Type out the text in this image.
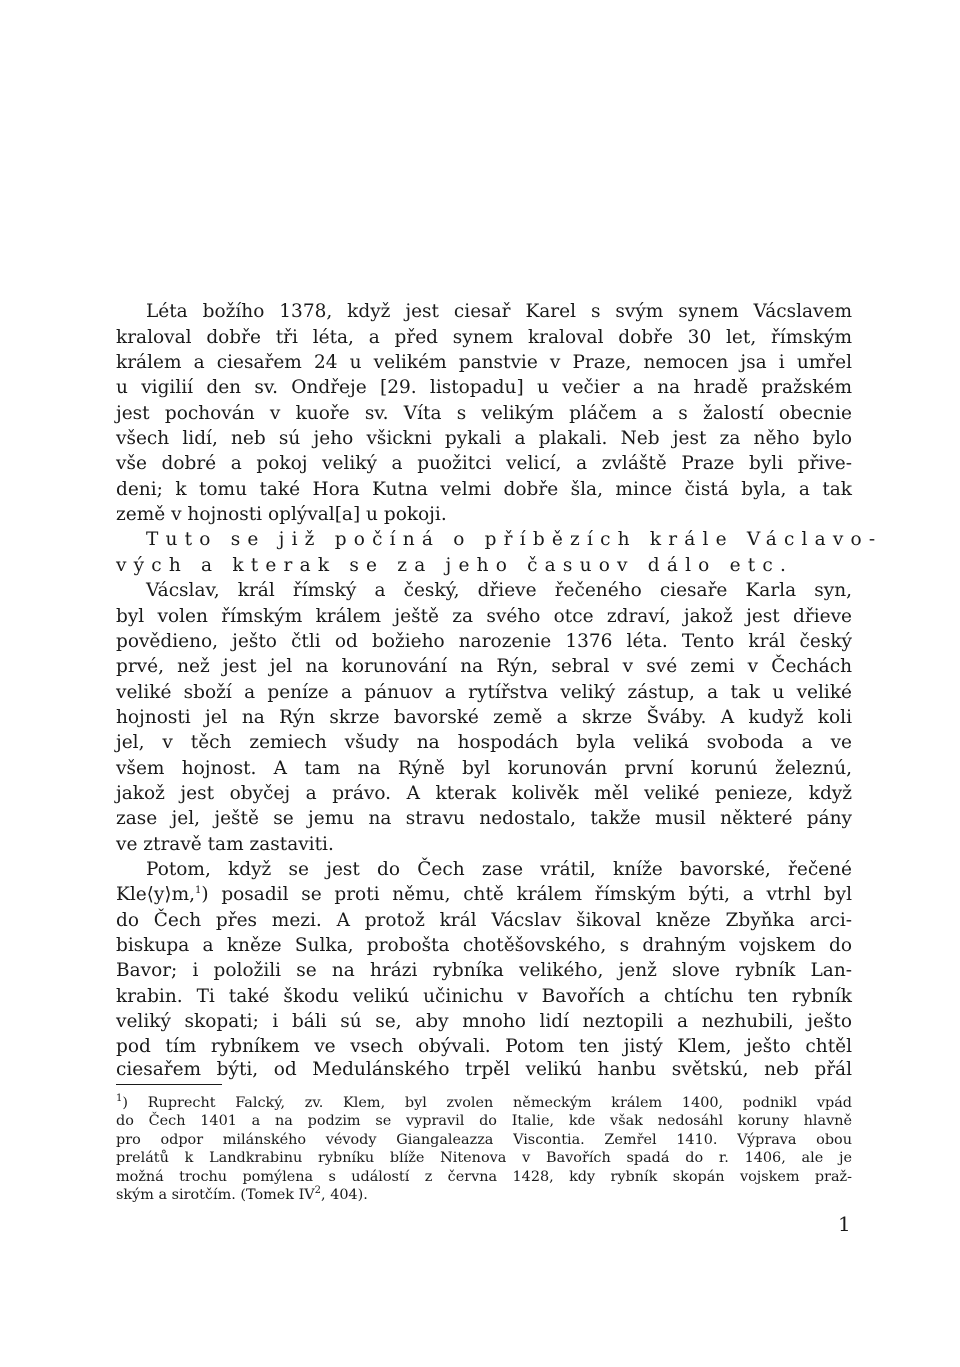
Léta božího 1378, když jest ciesař Karel s svým synem Vácslavem
kraloval dobře tři léta, a před synem kraloval dobře 30 let, římským
králem a ciesařem 24 u velikém panstvie v Praze, nemocen jsa i umřel
u vigilií den sv. Ondřeje [29. listopadu] u večier a na hradě pražském
jest pochován v kuoře sv. Víta s velikým pláčem a s žalostí obecnie
všech lidí, neb sú jeho všickni pykali a plakali. Neb jest za něho bylo
vše dobré a pokoj veliký a puožitci velicí, a zvláště Praze byli přive-
deni; k tomu také Hora Kutna velmi dobře šla, mince čistá byla, a tak
země v hojnosti oplýval[a] u pokoji.
Tuto se již počíná o příbězích krále Václavo-
vých a kterak se za jeho časuov dálo etc.
Vácslav, král římský a český, dřieve řečeného ciesaře Karla syn,
byl volen římským králem ještě za svého otce zdraví, jakož jest dřieve
povědieno, ješto čtli od božieho narozenie 1376 léta. Tento král český
prvé, než jest jel na korunování na Rýn, sebral v své zemi v Čechách
veliké sboží a peníze a pánuov a rytířstva veliký zástup, a tak u veliké
hojnosti jel na Rýn skrze bavorské země a skrze Šváby. A kudyž koli
jel, v těch zemiech všudy na hospodách byla veliká svoboda a ve
všem hojnost. A tam na Rýně byl korunován první korunú železnú,
jakož jest obyčej a právo. A kterak kolivěk měl veliké penieze, když
zase jel, ještě se jemu na stravu nedostalo, takže musil některé pány
ve ztravě tam zastaviti.
Potom, když se jest do Čech zase vrátil, kníže bavorské, řečené
Kle⟨y⟩m,$^1$) posadil se proti němu, chtě králem římským býti, a vtrhl byl
do Čech přes mezi. A protož král Vácslav šikoval kněze Zbyňka arci-
biskupa a kněze Sulka, proboštа chotěšovského, s drahným vojskem do
Bavor; i položili se na hrázi rybníka velikého, jenž slove rybník Lan-
krabin. Ti také škodu velikú učinichu v Bavořích a chtíchu ten rybník
veliký skopati; i báli sú se, aby mnoho lidí neztopili a nezhubili, ješto
pod tím rybníkem ve vsech obývali. Potom ten jistý Klem, ješto chtěl
ciesařem býti, od Medulánského trpěl velikú hanbu světskú, neb přál
$^1$) Ruprecht Falcký, zv. Klem, byl zvolen německým králem 1400, podnikl vpád
do Čech 1401 a na podzim se vypravil do Italie, kde však nedosáhl koruny hlavně
pro odpor milánského vévody Giangaleazza Viscontia. Zemřel 1410. Výprava obou
prelátů k Landkrabinu rybníku blíže Nitenova v Bavořích spadá do r. 1406, ale je
možná trochu pomýlena s událostí z června 1428, kdy rybník skopán vojskem praž-
ským a sirotčím. (Tomek $IV^2$, 404).
1
